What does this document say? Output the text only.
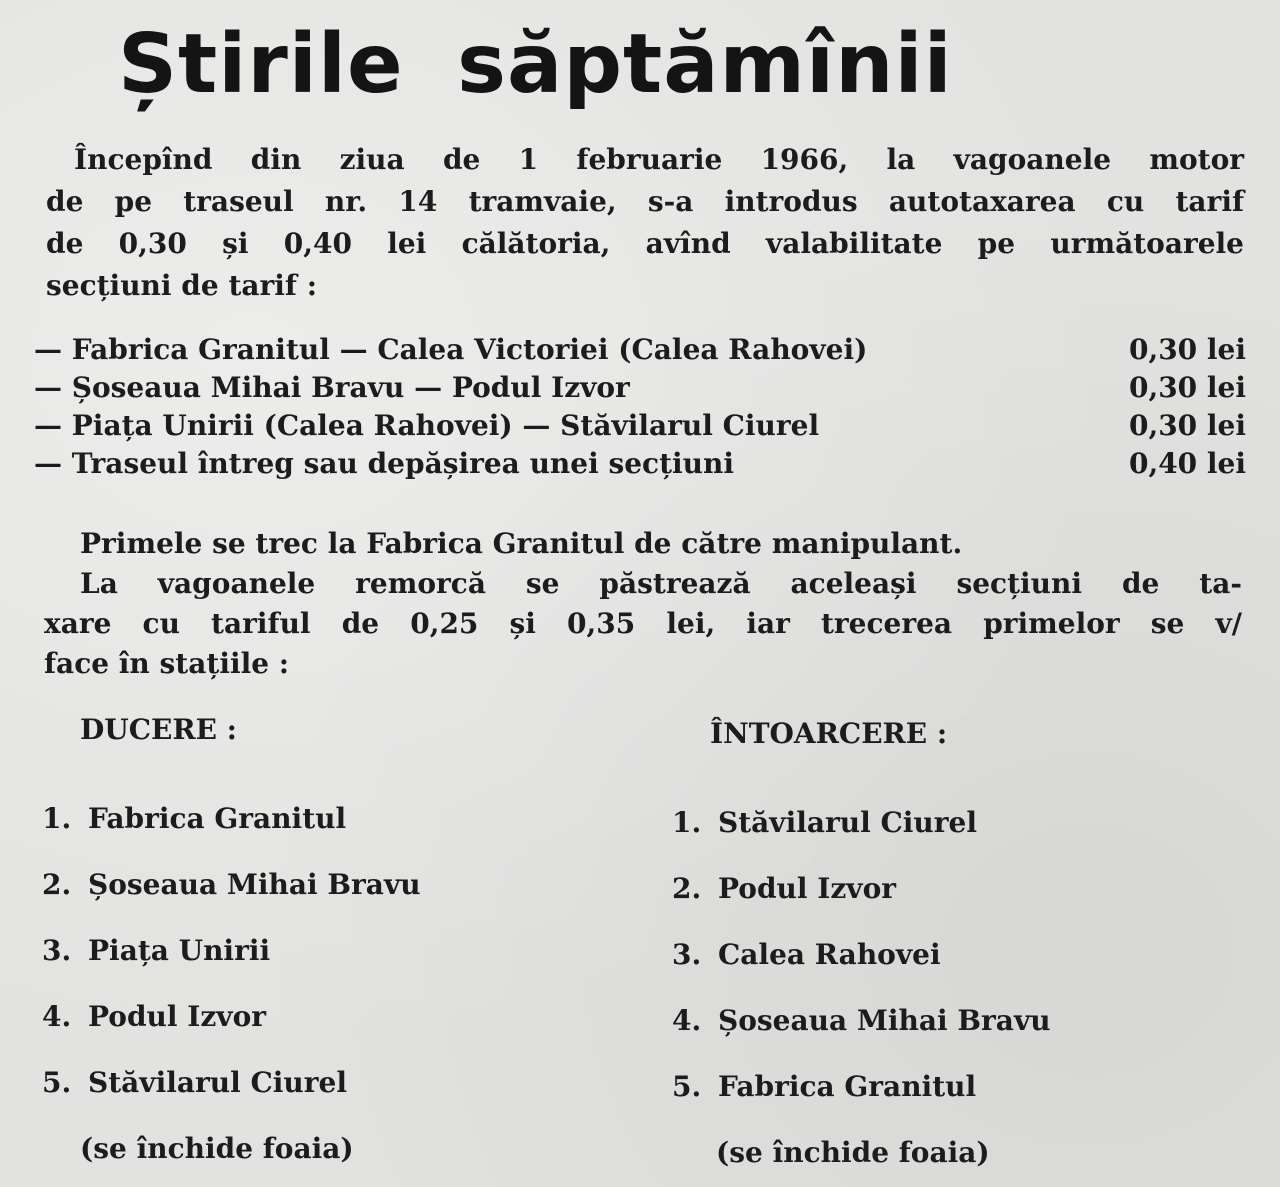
Știrile săptămînii
Începînd din ziua de 1 februarie 1966, la vagoanele motor
de pe traseul nr. 14 tramvaie, s-a introdus autotaxarea cu tarif
de 0,30 și 0,40 lei călătoria, avînd valabilitate pe următoarele
secțiuni de tarif :
— Fabrica Granitul — Calea Victoriei (Calea Rahovei)	0,30 lei
— Șoseaua Mihai Bravu — Podul Izvor	0,30 lei
— Piața Unirii (Calea Rahovei) — Stăvilarul Ciurel	0,30 lei
— Traseul întreg sau depășirea unei secțiuni	0,40 lei
Primele se trec la Fabrica Granitul de către manipulant.
La vagoanele remorcă se păstrează aceleași secțiuni de ta-
xare cu tariful de 0,25 și 0,35 lei, iar trecerea primelor se v/
face în stațiile :
DUCERE :
1. Fabrica Granitul
2. Șoseaua Mihai Bravu
3. Piața Unirii
4. Podul Izvor
5. Stăvilarul Ciurel
(se închide foaia)
ÎNTOARCERE :
1. Stăvilarul Ciurel
2. Podul Izvor
3. Calea Rahovei
4. Șoseaua Mihai Bravu
5. Fabrica Granitul
(se închide foaia)
